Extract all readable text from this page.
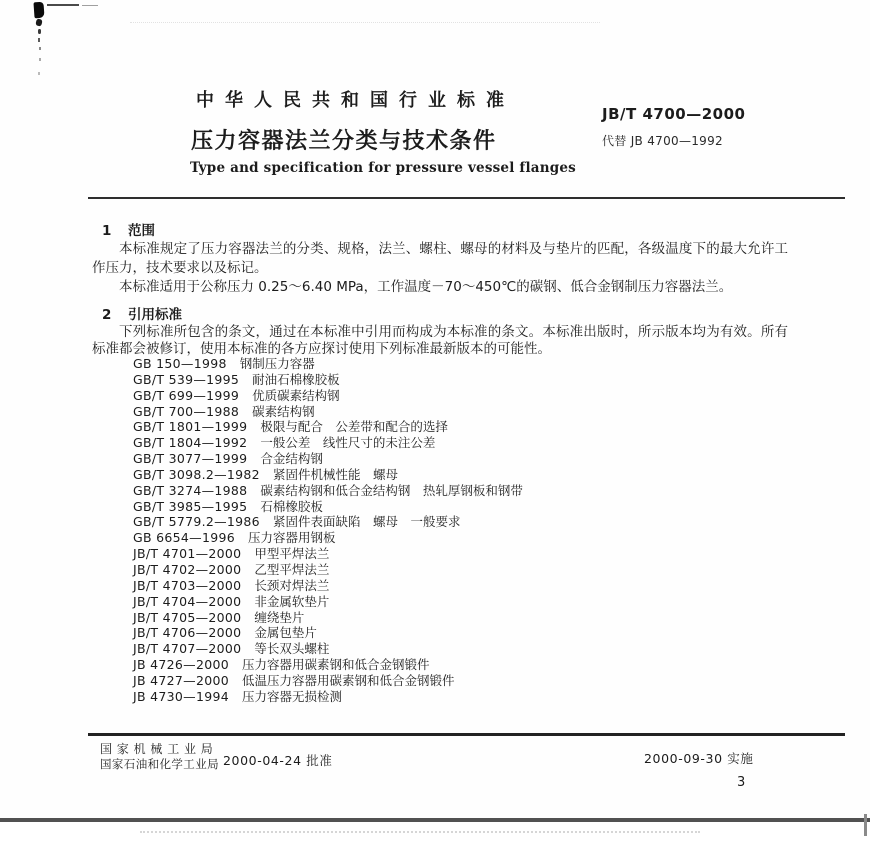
中华人民共和国行业标准
JB/T 4700—2000
压力容器法兰分类与技术条件	代替 JB 4700—1992
Type and specification for pressure vessel flanges
1 范围
本标准规定了压力容器法兰的分类、规格，法兰、螺柱、螺母的材料及与垫片的匹配，各级温度下的最大允许工作压力，技术要求以及标记。
本标准适用于公称压力 0.25～6.40 MPa，工作温度－70～450℃的碳钢、低合金钢制压力容器法兰。
2 引用标准
下列标准所包含的条文，通过在本标准中引用而构成为本标准的条文。本标准出版时，所示版本均为有效。所有标准都会被修订，使用本标准的各方应探讨使用下列标准最新版本的可能性。
GB 150—1998 钢制压力容器
GB/T 539—1995 耐油石棉橡胶板
GB/T 699—1999 优质碳素结构钢
GB/T 700—1988 碳素结构钢
GB/T 1801—1999 极限与配合　公差带和配合的选择
GB/T 1804—1992 一般公差　线性尺寸的未注公差
GB/T 3077—1999 合金结构钢
GB/T 3098.2—1982 紧固件机械性能　螺母
GB/T 3274—1988 碳素结构钢和低合金结构钢　热轧厚钢板和钢带
GB/T 3985—1995 石棉橡胶板
GB/T 5779.2—1986 紧固件表面缺陷　螺母　一般要求
GB 6654—1996 压力容器用钢板
JB/T 4701—2000 甲型平焊法兰
JB/T 4702—2000 乙型平焊法兰
JB/T 4703—2000 长颈对焊法兰
JB/T 4704—2000 非金属软垫片
JB/T 4705—2000 缠绕垫片
JB/T 4706—2000 金属包垫片
JB/T 4707—2000 等长双头螺柱
JB 4726—2000 压力容器用碳素钢和低合金钢锻件
JB 4727—2000 低温压力容器用碳素钢和低合金钢锻件
JB 4730—1994 压力容器无损检测
国家机械工业局
国家石油和化学工业局 2000-04-24 批准	2000-09-30 实施
3
